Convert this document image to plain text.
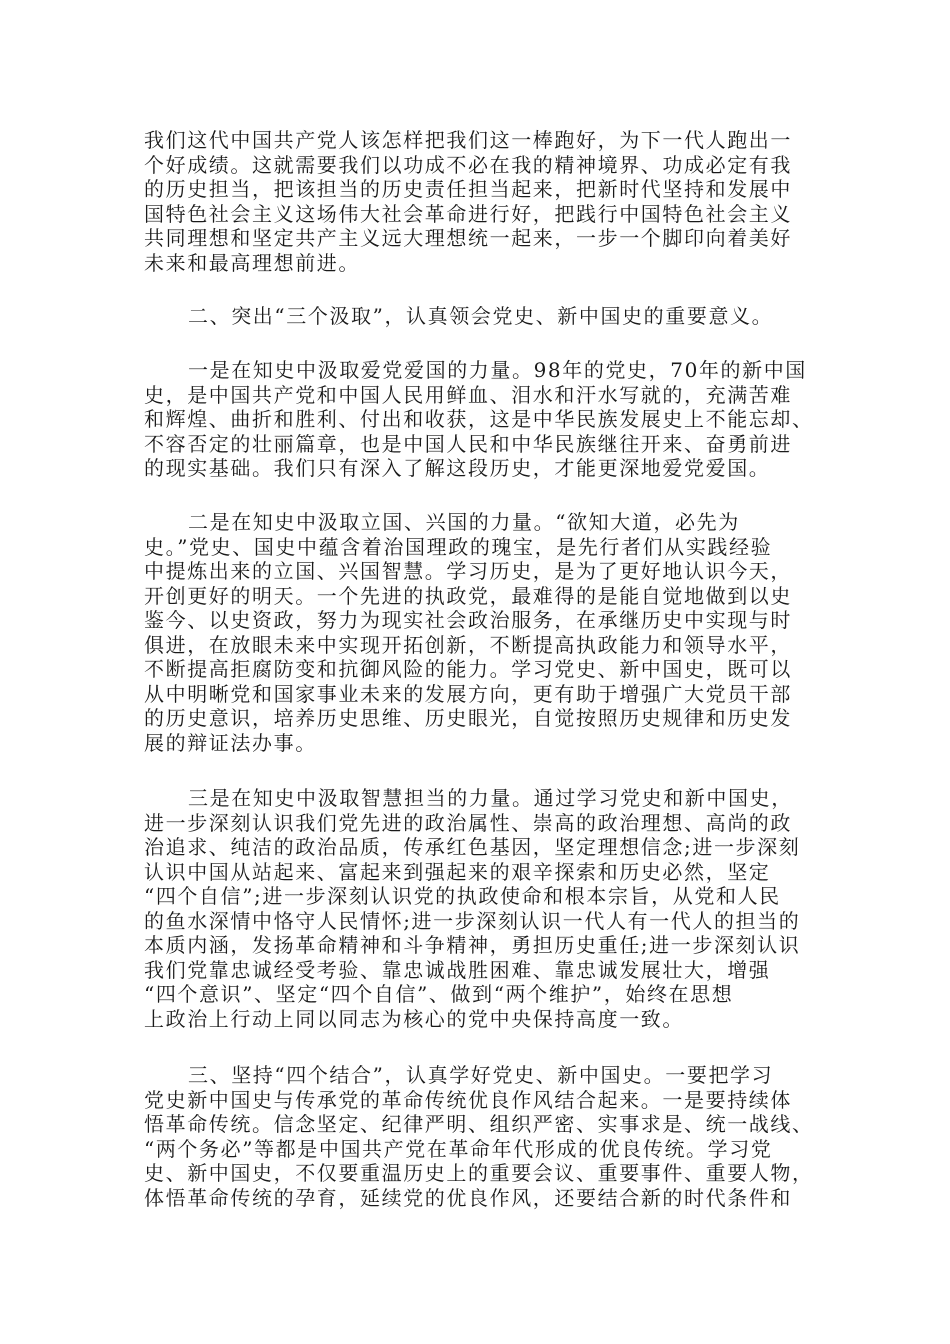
我们这代中国共产党人该怎样把我们这一棒跑好，为下一代人跑出一
个好成绩。这就需要我们以功成不必在我的精神境界、功成必定有我
的历史担当，把该担当的历史责任担当起来，把新时代坚持和发展中
国特色社会主义这场伟大社会革命进行好，把践行中国特色社会主义
共同理想和坚定共产主义远大理想统一起来，一步一个脚印向着美好
未来和最高理想前进。
二、突出“三个汲取”，认真领会党史、新中国史的重要意义。
一是在知史中汲取爱党爱国的力量。98年的党史，70年的新中国
史，是中国共产党和中国人民用鲜血、泪水和汗水写就的，充满苦难
和辉煌、曲折和胜利、付出和收获，这是中华民族发展史上不能忘却、
不容否定的壮丽篇章，也是中国人民和中华民族继往开来、奋勇前进
的现实基础。我们只有深入了解这段历史，才能更深地爱党爱国。
二是在知史中汲取立国、兴国的力量。“欲知大道，必先为
史。”党史、国史中蕴含着治国理政的瑰宝，是先行者们从实践经验
中提炼出来的立国、兴国智慧。学习历史，是为了更好地认识今天，
开创更好的明天。一个先进的执政党，最难得的是能自觉地做到以史
鉴今、以史资政，努力为现实社会政治服务，在承继历史中实现与时
俱进，在放眼未来中实现开拓创新，不断提高执政能力和领导水平，
不断提高拒腐防变和抗御风险的能力。学习党史、新中国史，既可以
从中明晰党和国家事业未来的发展方向，更有助于增强广大党员干部
的历史意识，培养历史思维、历史眼光，自觉按照历史规律和历史发
展的辩证法办事。
三是在知史中汲取智慧担当的力量。通过学习党史和新中国史，
进一步深刻认识我们党先进的政治属性、崇高的政治理想、高尚的政
治追求、纯洁的政治品质，传承红色基因，坚定理想信念;进一步深刻
认识中国从站起来、富起来到强起来的艰辛探索和历史必然，坚定
“四个自信”;进一步深刻认识党的执政使命和根本宗旨，从党和人民
的鱼水深情中恪守人民情怀;进一步深刻认识一代人有一代人的担当的
本质内涵，发扬革命精神和斗争精神，勇担历史重任;进一步深刻认识
我们党靠忠诚经受考验、靠忠诚战胜困难、靠忠诚发展壮大，增强
“四个意识”、坚定“四个自信”、做到“两个维护”，始终在思想
上政治上行动上同以同志为核心的党中央保持高度一致。
三、坚持“四个结合”，认真学好党史、新中国史。一要把学习
党史新中国史与传承党的革命传统优良作风结合起来。一是要持续体
悟革命传统。信念坚定、纪律严明、组织严密、实事求是、统一战线、
“两个务必”等都是中国共产党在革命年代形成的优良传统。学习党
史、新中国史，不仅要重温历史上的重要会议、重要事件、重要人物，
体悟革命传统的孕育，延续党的优良作风，还要结合新的时代条件和
